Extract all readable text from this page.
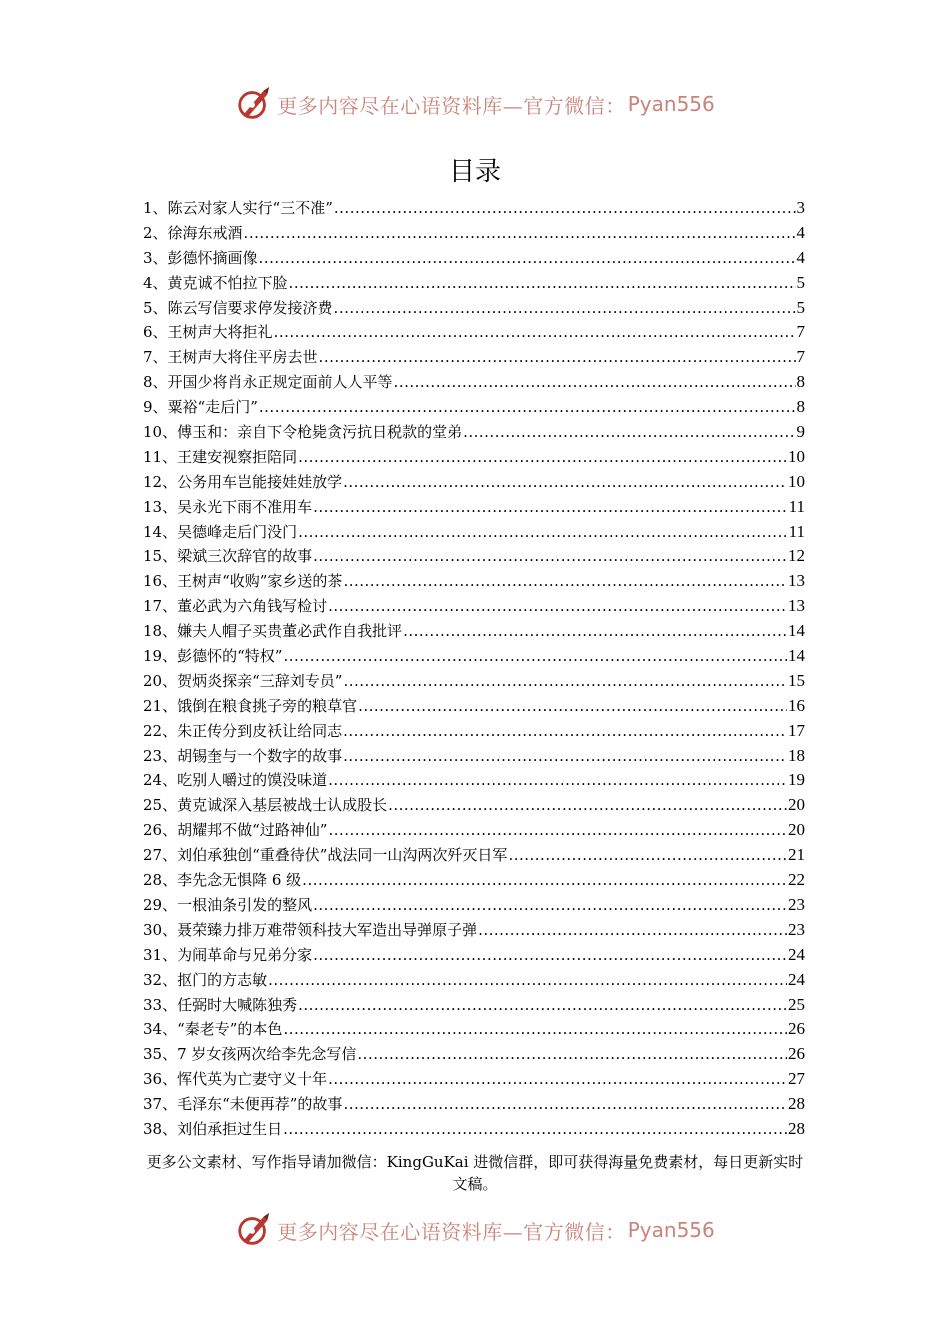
更多内容尽在心语资料库—官方微信： Pyan556
目录
1、陈云对家人实行“三不准” .....	3
2、徐海东戒酒 .....	4
3、彭德怀摘画像 .....	4
4、黄克诚不怕拉下脸 .....	5
5、陈云写信要求停发接济费 .....	5
6、王树声大将拒礼 .....	7
7、王树声大将住平房去世 .....	7
8、开国少将肖永正规定面前人人平等 .....	8
9、粟裕“走后门” .....	8
10、傅玉和：亲自下令枪毙贪污抗日税款的堂弟 .....	9
11、王建安视察拒陪同 .....	10
12、公务用车岂能接娃娃放学 .....	10
13、吴永光下雨不准用车 .....	11
14、吴德峰走后门没门 .....	11
15、梁斌三次辞官的故事 .....	12
16、王树声“收购”家乡送的茶 .....	13
17、董必武为六角钱写检讨 .....	13
18、嫌夫人帽子买贵董必武作自我批评 .....	14
19、彭德怀的“特权” .....	14
20、贺炳炎探亲“三辞刘专员” .....	15
21、饿倒在粮食挑子旁的粮草官 .....	16
22、朱正传分到皮袄让给同志 .....	17
23、胡锡奎与一个数字的故事 .....	18
24、吃别人嚼过的馍没味道 .....	19
25、黄克诚深入基层被战士认成股长 .....	20
26、胡耀邦不做“过路神仙” .....	20
27、刘伯承独创“重叠待伏”战法同一山沟两次歼灭日军 .....	21
28、李先念无惧降 6 级 .....	22
29、一根油条引发的整风 .....	23
30、聂荣臻力排万难带领科技大军造出导弹原子弹 .....	23
31、为闹革命与兄弟分家 .....	24
32、抠门的方志敏 .....	24
33、任弼时大喊陈独秀 .....	25
34、“秦老专”的本色 .....	26
35、7 岁女孩两次给李先念写信 .....	26
36、恽代英为亡妻守义十年 .....	27
37、毛泽东“未便再荐”的故事 .....	28
38、刘伯承拒过生日 .....	28

更多公文素材、写作指导请加微信：KingGuKai 进微信群，即可获得海量免费素材，每日更新实时文稿。

更多内容尽在心语资料库—官方微信： Pyan556
